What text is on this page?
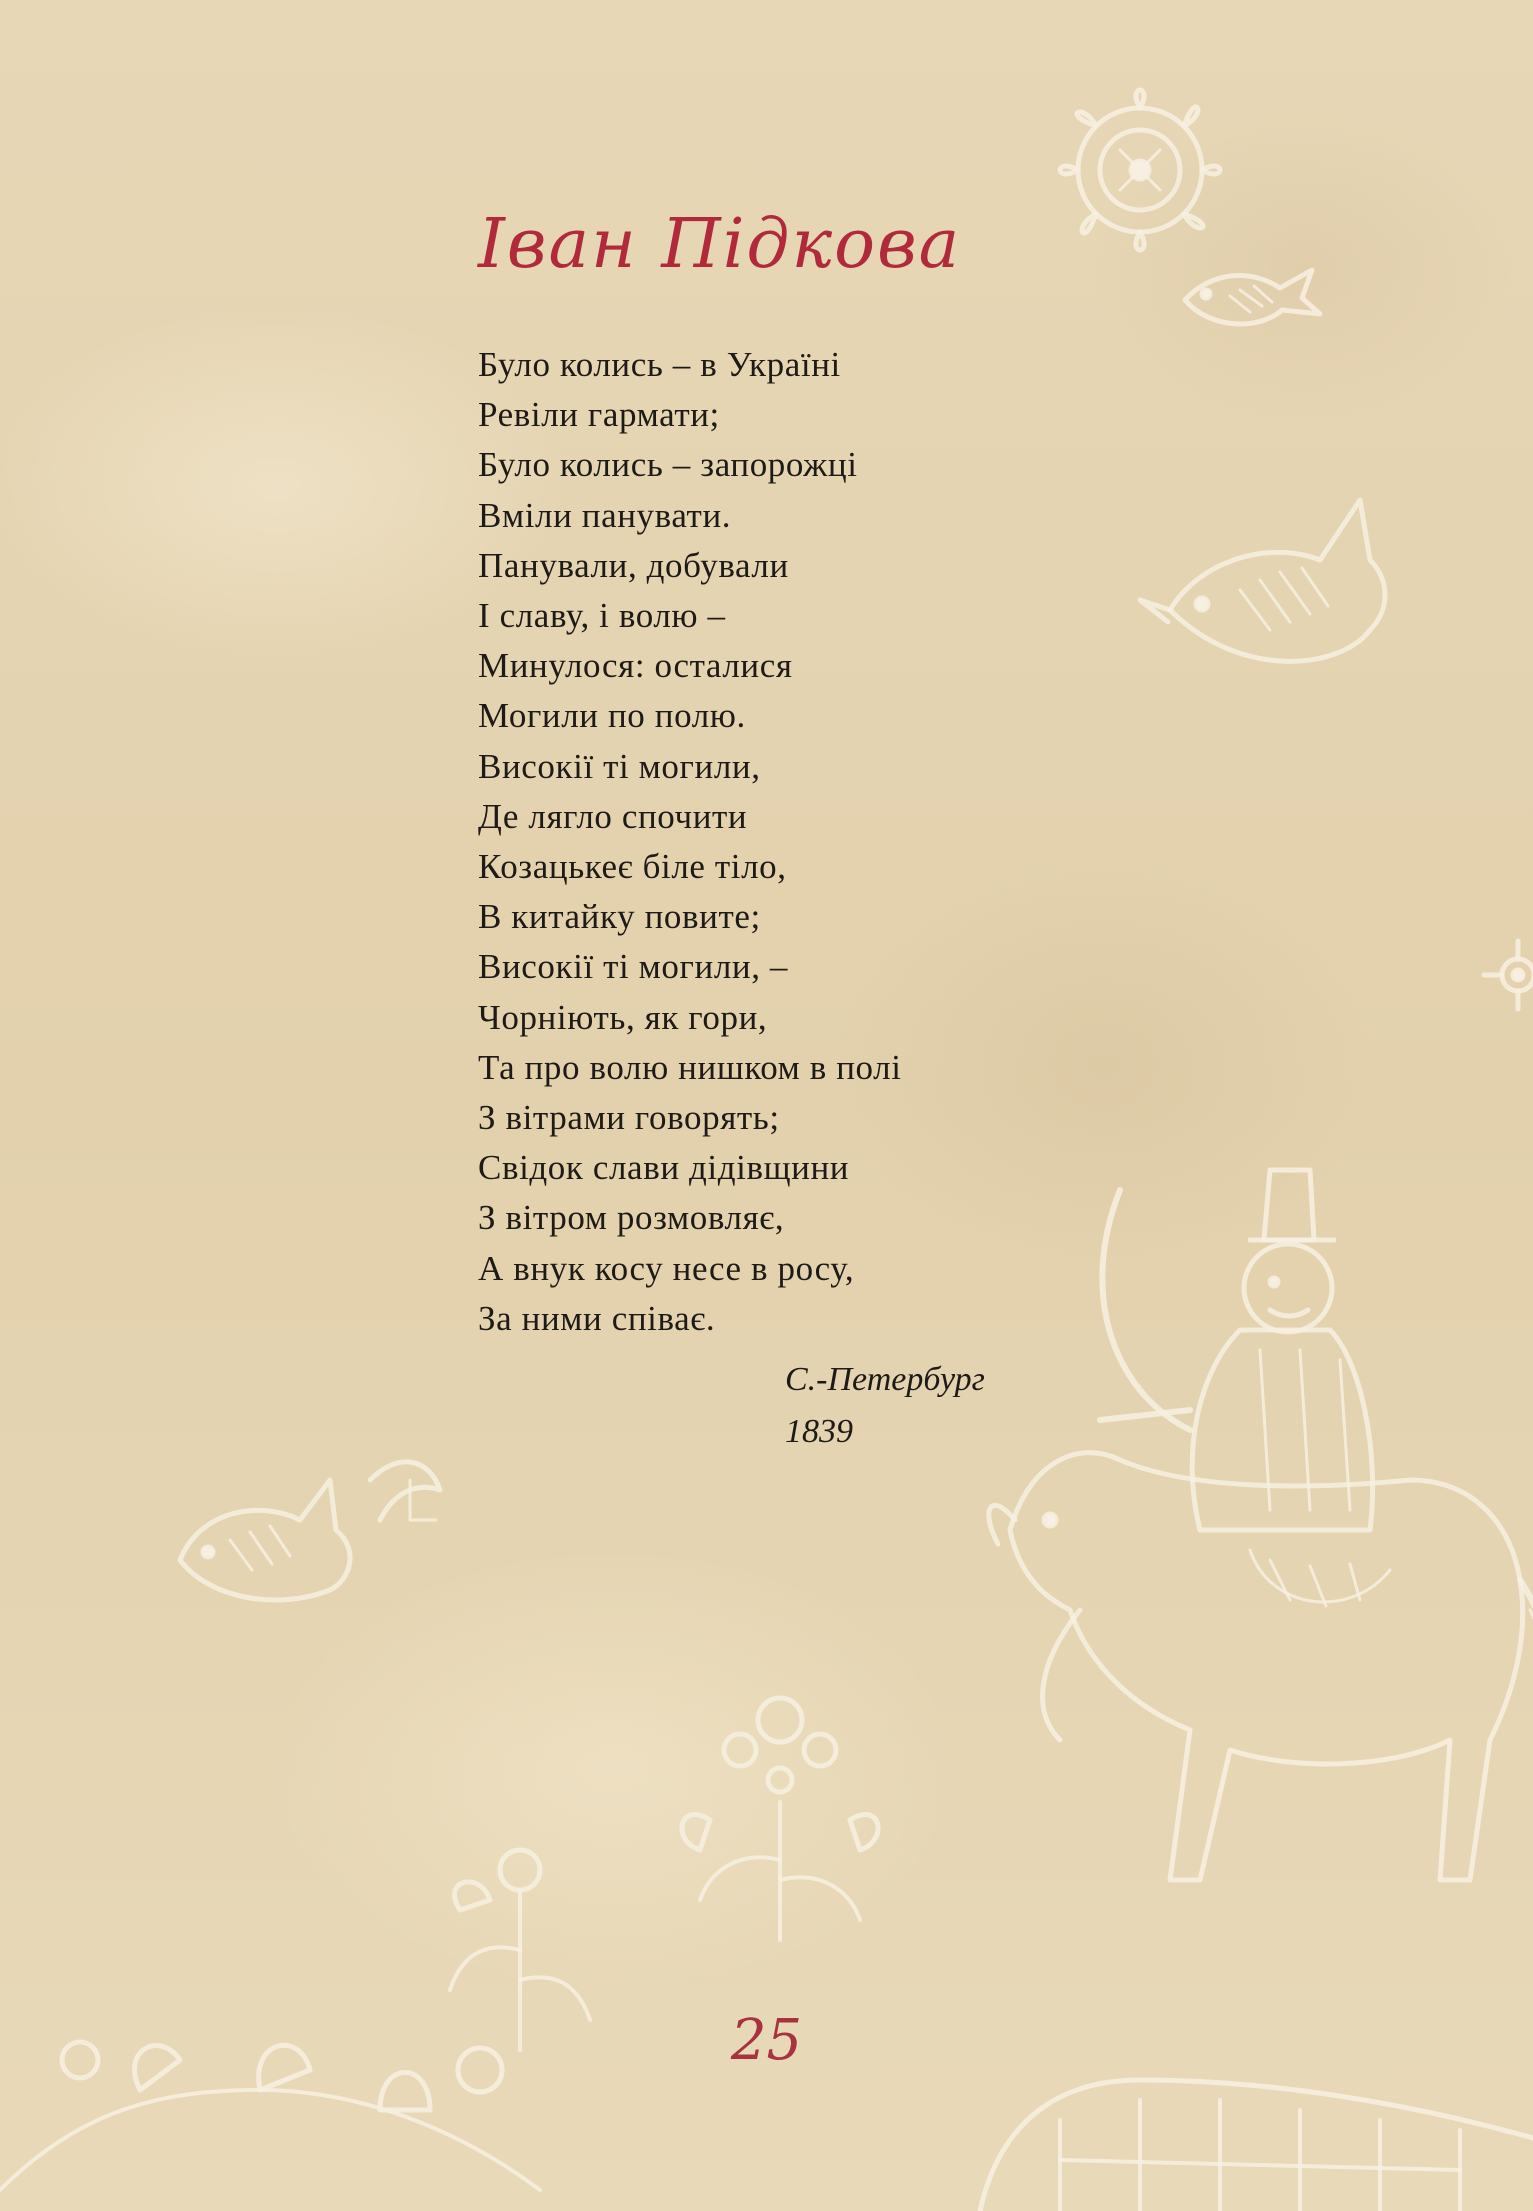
Іван Підкова
Було колись – в Україні
Ревіли гармати;
Було колись – запорожці
Вміли панувати.
Панували, добували
І славу, і волю –
Минулося: осталися
Могили по полю.
Високії ті могили,
Де лягло спочити
Козацькеє біле тіло,
В китайку повите;
Високії ті могили, –
Чорніють, як гори,
Та про волю нишком в полі
З вітрами говорять;
Свідок слави дідівщини
З вітром розмовляє,
А внук косу несе в росу,
За ними співає.
С.-Петербург
1839
25
